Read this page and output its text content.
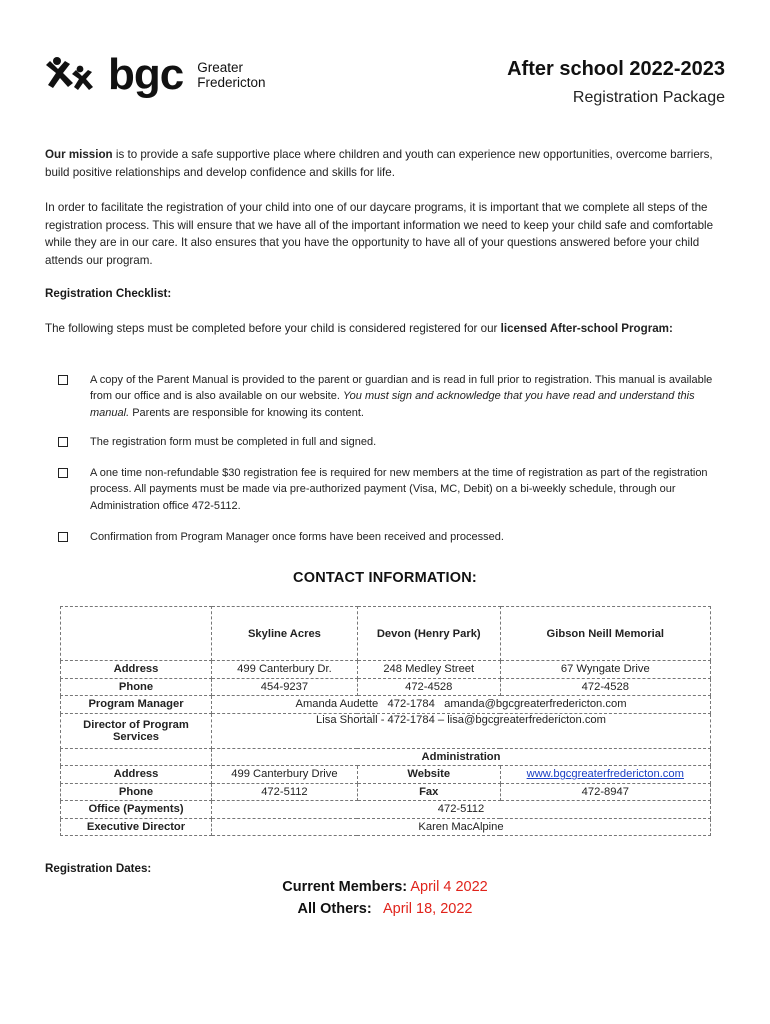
bgc Greater
Fredericton
After school 2022-2023
Registration Package
Our mission is to provide a safe supportive place where children and youth can experience new opportunities, overcome barriers, build positive relationships and develop confidence and skills for life.
In order to facilitate the registration of your child into one of our daycare programs, it is important that we complete all steps of the registration process. This will ensure that we have all of the important information we need to keep your child safe and comfortable while they are in our care. It also ensures that you have the opportunity to have all of your questions answered before your child attends our program.
Registration Checklist:
The following steps must be completed before your child is considered registered for our licensed After-school Program:
A copy of the Parent Manual is provided to the parent or guardian and is read in full prior to registration. This manual is available from our office and is also available on our website. You must sign and acknowledge that you have read and understand this manual. Parents are responsible for knowing its content.
The registration form must be completed in full and signed.
A one time non-refundable $30 registration fee is required for new members at the time of registration as part of the registration process. All payments must be made via pre-authorized payment (Visa, MC, Debit) on a bi-weekly schedule, through our Administration office 472-5112.
Confirmation from Program Manager once forms have been received and processed.
CONTACT INFORMATION:
	Skyline Acres	Devon (Henry Park)	Gibson Neill Memorial
Address	499 Canterbury Dr.	248 Medley Street	67 Wyngate Drive
Phone	454-9237	472-4528	472-4528
Program Manager	Amanda Audette   472-1784   amanda@bgcgreaterfredericton.com		
Director of Program Services	Lisa Shortall - 472-1784 – lisa@bgcgreaterfredericton.com		
	Administration		
Address	499 Canterbury Drive	Website	www.bgcgreaterfredericton.com
Phone	472-5112	Fax	472-8947
Office (Payments)	472-5112		
Executive Director	Karen MacAlpine		
Registration Dates:
Current Members: April 4 2022
All Others: April 18, 2022
